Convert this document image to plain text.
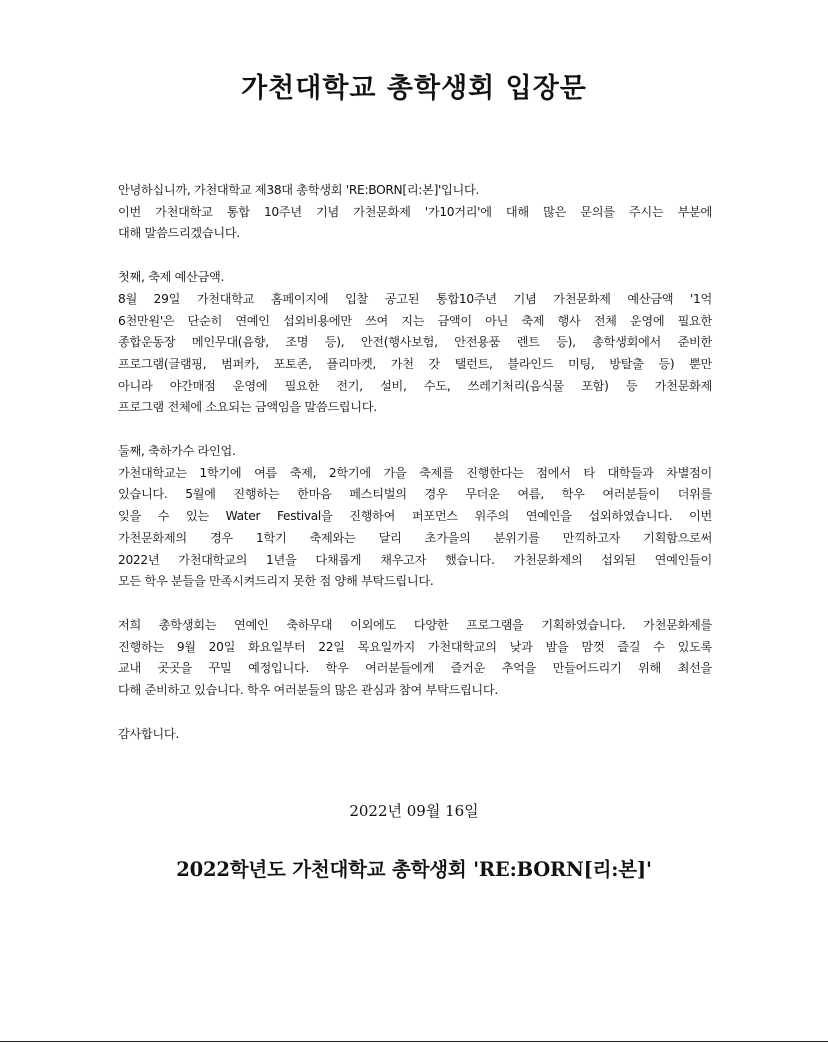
가천대학교 총학생회 입장문
안녕하십니까, 가천대학교 제38대 총학생회 'RE:BORN[리:본]'입니다.
이번 가천대학교 통합 10주년 기념 가천문화제 '가10거리'에 대해 많은 문의를 주시는 부분에
대해 말씀드리겠습니다.
첫째, 축제 예산금액.
8월 29일 가천대학교 홈페이지에 입찰 공고된 통합10주년 기념 가천문화제 예산금액 '1억
6천만원'은 단순히 연예인 섭외비용에만 쓰여 지는 금액이 아닌 축제 행사 전체 운영에 필요한
종합운동장 메인무대(음향, 조명 등), 안전(행사보험, 안전용품 렌트 등), 총학생회에서 준비한
프로그램(글램핑, 범퍼카, 포토존, 플리마켓, 가천 갓 탤런트, 블라인드 미팅, 방탈출 등) 뿐만
아니라 야간매점 운영에 필요한 전기, 설비, 수도, 쓰레기처리(음식물 포함) 등 가천문화제
프로그램 전체에 소요되는 금액임을 말씀드립니다.
둘째, 축하가수 라인업.
가천대학교는 1학기에 여름 축제, 2학기에 가을 축제를 진행한다는 점에서 타 대학들과 차별점이
있습니다. 5월에 진행하는 한마음 페스티벌의 경우 무더운 여름, 학우 여러분들이 더위를
잊을 수 있는 Water Festival을 진행하여 퍼포먼스 위주의 연예인을 섭외하였습니다. 이번
가천문화제의 경우 1학기 축제와는 달리 초가을의 분위기를 만끽하고자 기획함으로써
2022년 가천대학교의 1년을 다채롭게 채우고자 했습니다. 가천문화제의 섭외된 연예인들이
모든 학우 분들을 만족시켜드리지 못한 점 양해 부탁드립니다.
저희 총학생회는 연예인 축하무대 이외에도 다양한 프로그램을 기획하였습니다. 가천문화제를
진행하는 9월 20일 화요일부터 22일 목요일까지 가천대학교의 낮과 밤을 맘껏 즐길 수 있도록
교내 곳곳을 꾸밀 예정입니다. 학우 여러분들에게 즐거운 추억을 만들어드리기 위해 최선을
다해 준비하고 있습니다. 학우 여러분들의 많은 관심과 참여 부탁드립니다.
감사합니다.

2022년 09월 16일

2022학년도 가천대학교 총학생회 'RE:BORN[리:본]'
